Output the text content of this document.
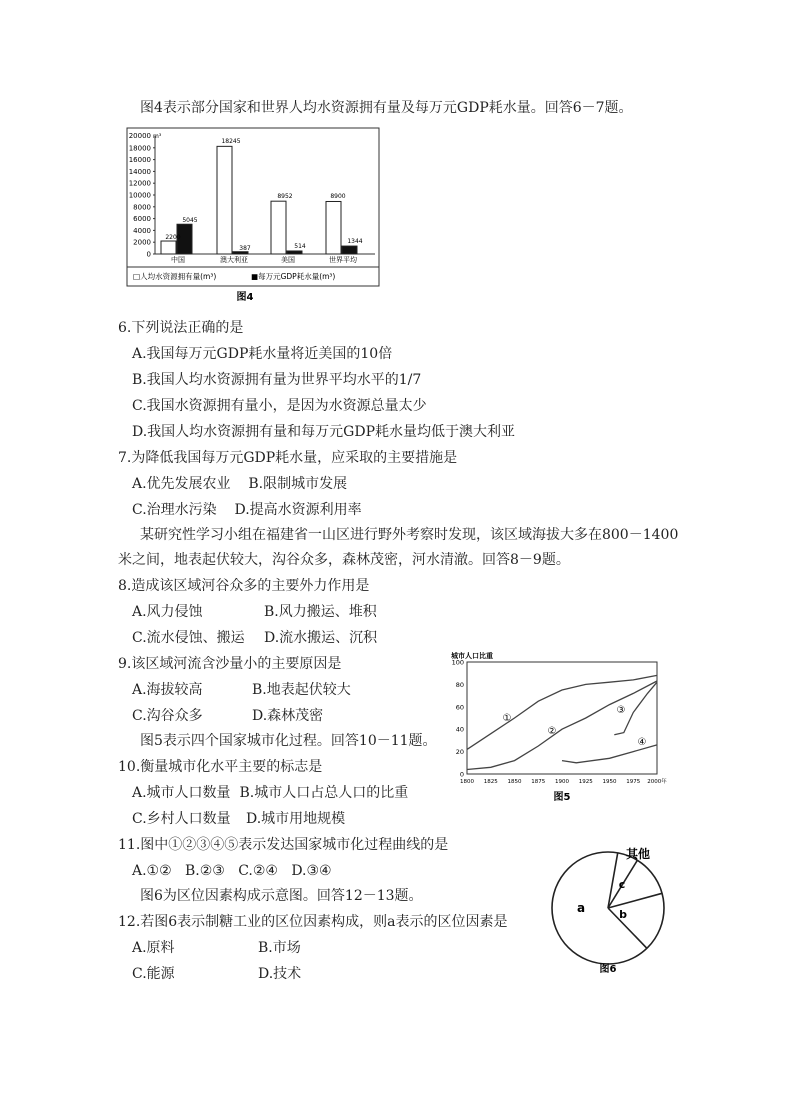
图4表示部分国家和世界人均水资源拥有量及每万元GDP耗水量。回答6－7题。
20000 m³
18000
16000
14000
12000
10000
8000
6000
4000
2000
0
中国	澳大利亚	美国	世界平均
2200
5045
18245
387
8952
514
8900
1344
□人均水资源拥有量(m³)	■每万元GDP耗水量(m³)
图4
6.下列说法正确的是
A.我国每万元GDP耗水量将近美国的10倍
B.我国人均水资源拥有量为世界平均水平的1/7
C.我国水资源拥有量小，是因为水资源总量太少
D.我国人均水资源拥有量和每万元GDP耗水量均低于澳大利亚
7.为降低我国每万元GDP耗水量，应采取的主要措施是
A.优先发展农业    B.限制城市发展
C.治理水污染    D.提高水资源利用率
某研究性学习小组在福建省一山区进行野外考察时发现，该区域海拔大多在800－1400
米之间，地表起伏较大，沟谷众多，森林茂密，河水清澈。回答8－9题。
8.造成该区域河谷众多的主要外力作用是
A.风力侵蚀	B.风力搬运、堆积
C.流水侵蚀、搬运 D.流水搬运、沉积
9.该区域河流含沙量小的主要原因是
A.海拔较高	B.地表起伏较大
C.沟谷众多	D.森林茂密
图5表示四个国家城市化过程。回答10－11题。
10.衡量城市化水平主要的标志是
A.城市人口数量  B.城市人口占总人口的比重
C.乡村人口数量 D.城市用地规模
11.图中①②③④⑤表示发达国家城市化过程曲线的是
A.①②   B.②③   C.②④   D.③④
图6为区位因素构成示意图。回答12－13题。
12.若图6表示制糖工业的区位因素构成，则a表示的区位因素是
A.原料	B.市场
C.能源	D.技术
城市人口比重
0
20
40
60
80
100
1800 1825 1850 1875 1900 1925 1950 1975 2000年
①
②
③
④
图5
a	b
c
其他
图6
